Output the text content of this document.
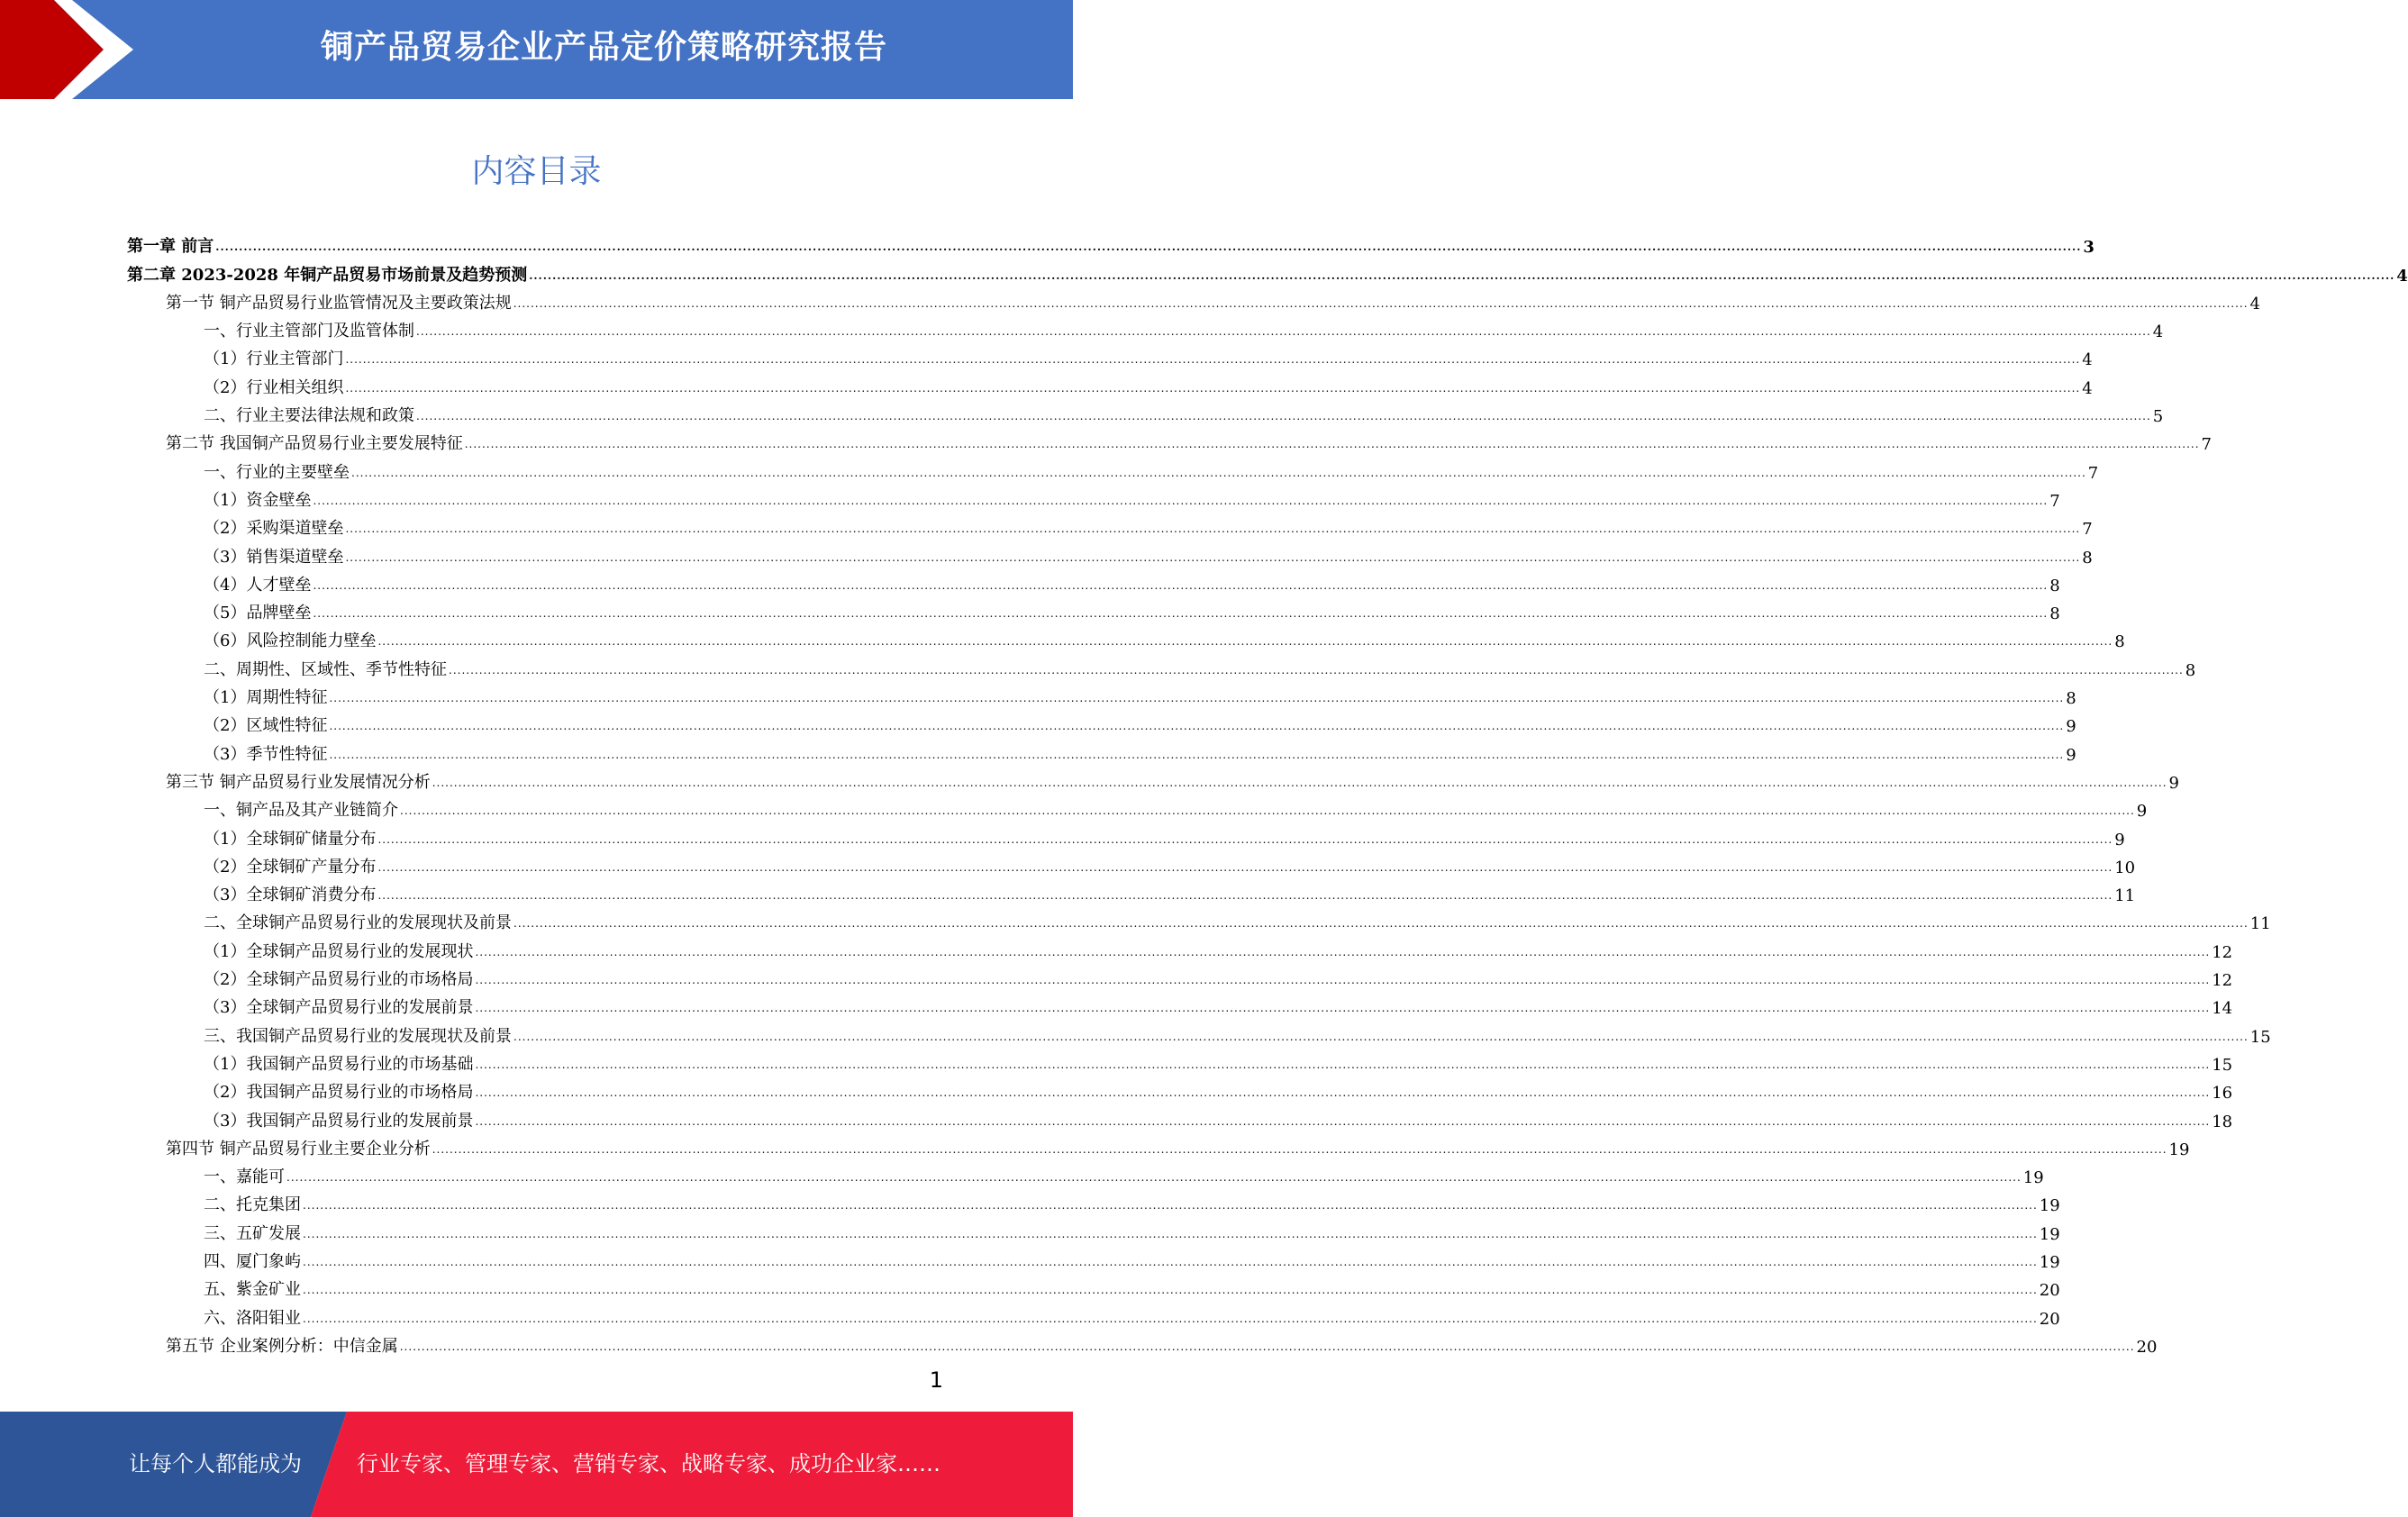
铜产品贸易企业产品定价策略研究报告
内容目录
第一章 前言 ................................................................................................................................................................................................................................................................................................................................................................................................................ 3
第二章 2023-2028 年铜产品贸易市场前景及趋势预测 ................................................................................................................................................................................................................................................................................................................................................................................................................ 4
第一节 铜产品贸易行业监管情况及主要政策法规 ................................................................................................................................................................................................................................................................................................................................................................................................................ 4
一、行业主管部门及监管体制 ................................................................................................................................................................................................................................................................................................................................................................................................................ 4
（1）行业主管部门 ................................................................................................................................................................................................................................................................................................................................................................................................................ 4
（2）行业相关组织 ................................................................................................................................................................................................................................................................................................................................................................................................................ 4
二、行业主要法律法规和政策 ................................................................................................................................................................................................................................................................................................................................................................................................................ 5
第二节 我国铜产品贸易行业主要发展特征 ................................................................................................................................................................................................................................................................................................................................................................................................................ 7
一、行业的主要壁垒 ................................................................................................................................................................................................................................................................................................................................................................................................................ 7
（1）资金壁垒 ................................................................................................................................................................................................................................................................................................................................................................................................................ 7
（2）采购渠道壁垒 ................................................................................................................................................................................................................................................................................................................................................................................................................ 7
（3）销售渠道壁垒 ................................................................................................................................................................................................................................................................................................................................................................................................................ 8
（4）人才壁垒 ................................................................................................................................................................................................................................................................................................................................................................................................................ 8
（5）品牌壁垒 ................................................................................................................................................................................................................................................................................................................................................................................................................ 8
（6）风险控制能力壁垒 ................................................................................................................................................................................................................................................................................................................................................................................................................ 8
二、周期性、区域性、季节性特征 ................................................................................................................................................................................................................................................................................................................................................................................................................ 8
（1）周期性特征 ................................................................................................................................................................................................................................................................................................................................................................................................................ 8
（2）区域性特征 ................................................................................................................................................................................................................................................................................................................................................................................................................ 9
（3）季节性特征 ................................................................................................................................................................................................................................................................................................................................................................................................................ 9
第三节 铜产品贸易行业发展情况分析 ................................................................................................................................................................................................................................................................................................................................................................................................................ 9
一、铜产品及其产业链简介 ................................................................................................................................................................................................................................................................................................................................................................................................................ 9
（1）全球铜矿储量分布 ................................................................................................................................................................................................................................................................................................................................................................................................................ 9
（2）全球铜矿产量分布 ................................................................................................................................................................................................................................................................................................................................................................................................................ 10
（3）全球铜矿消费分布 ................................................................................................................................................................................................................................................................................................................................................................................................................ 11
二、全球铜产品贸易行业的发展现状及前景 ................................................................................................................................................................................................................................................................................................................................................................................................................ 11
（1）全球铜产品贸易行业的发展现状 ................................................................................................................................................................................................................................................................................................................................................................................................................ 12
（2）全球铜产品贸易行业的市场格局 ................................................................................................................................................................................................................................................................................................................................................................................................................ 12
（3）全球铜产品贸易行业的发展前景 ................................................................................................................................................................................................................................................................................................................................................................................................................ 14
三、我国铜产品贸易行业的发展现状及前景 ................................................................................................................................................................................................................................................................................................................................................................................................................ 15
（1）我国铜产品贸易行业的市场基础 ................................................................................................................................................................................................................................................................................................................................................................................................................ 15
（2）我国铜产品贸易行业的市场格局 ................................................................................................................................................................................................................................................................................................................................................................................................................ 16
（3）我国铜产品贸易行业的发展前景 ................................................................................................................................................................................................................................................................................................................................................................................................................ 18
第四节 铜产品贸易行业主要企业分析 ................................................................................................................................................................................................................................................................................................................................................................................................................ 19
一、嘉能可 ................................................................................................................................................................................................................................................................................................................................................................................................................ 19
二、托克集团 ................................................................................................................................................................................................................................................................................................................................................................................................................ 19
三、五矿发展 ................................................................................................................................................................................................................................................................................................................................................................................................................ 19
四、厦门象屿 ................................................................................................................................................................................................................................................................................................................................................................................................................ 19
五、紫金矿业 ................................................................................................................................................................................................................................................................................................................................................................................................................ 20
六、洛阳钼业 ................................................................................................................................................................................................................................................................................................................................................................................................................ 20
第五节 企业案例分析：中信金属 ................................................................................................................................................................................................................................................................................................................................................................................................................ 20
1
让每个人都能成为	行业专家、管理专家、营销专家、战略专家、成功企业家……
